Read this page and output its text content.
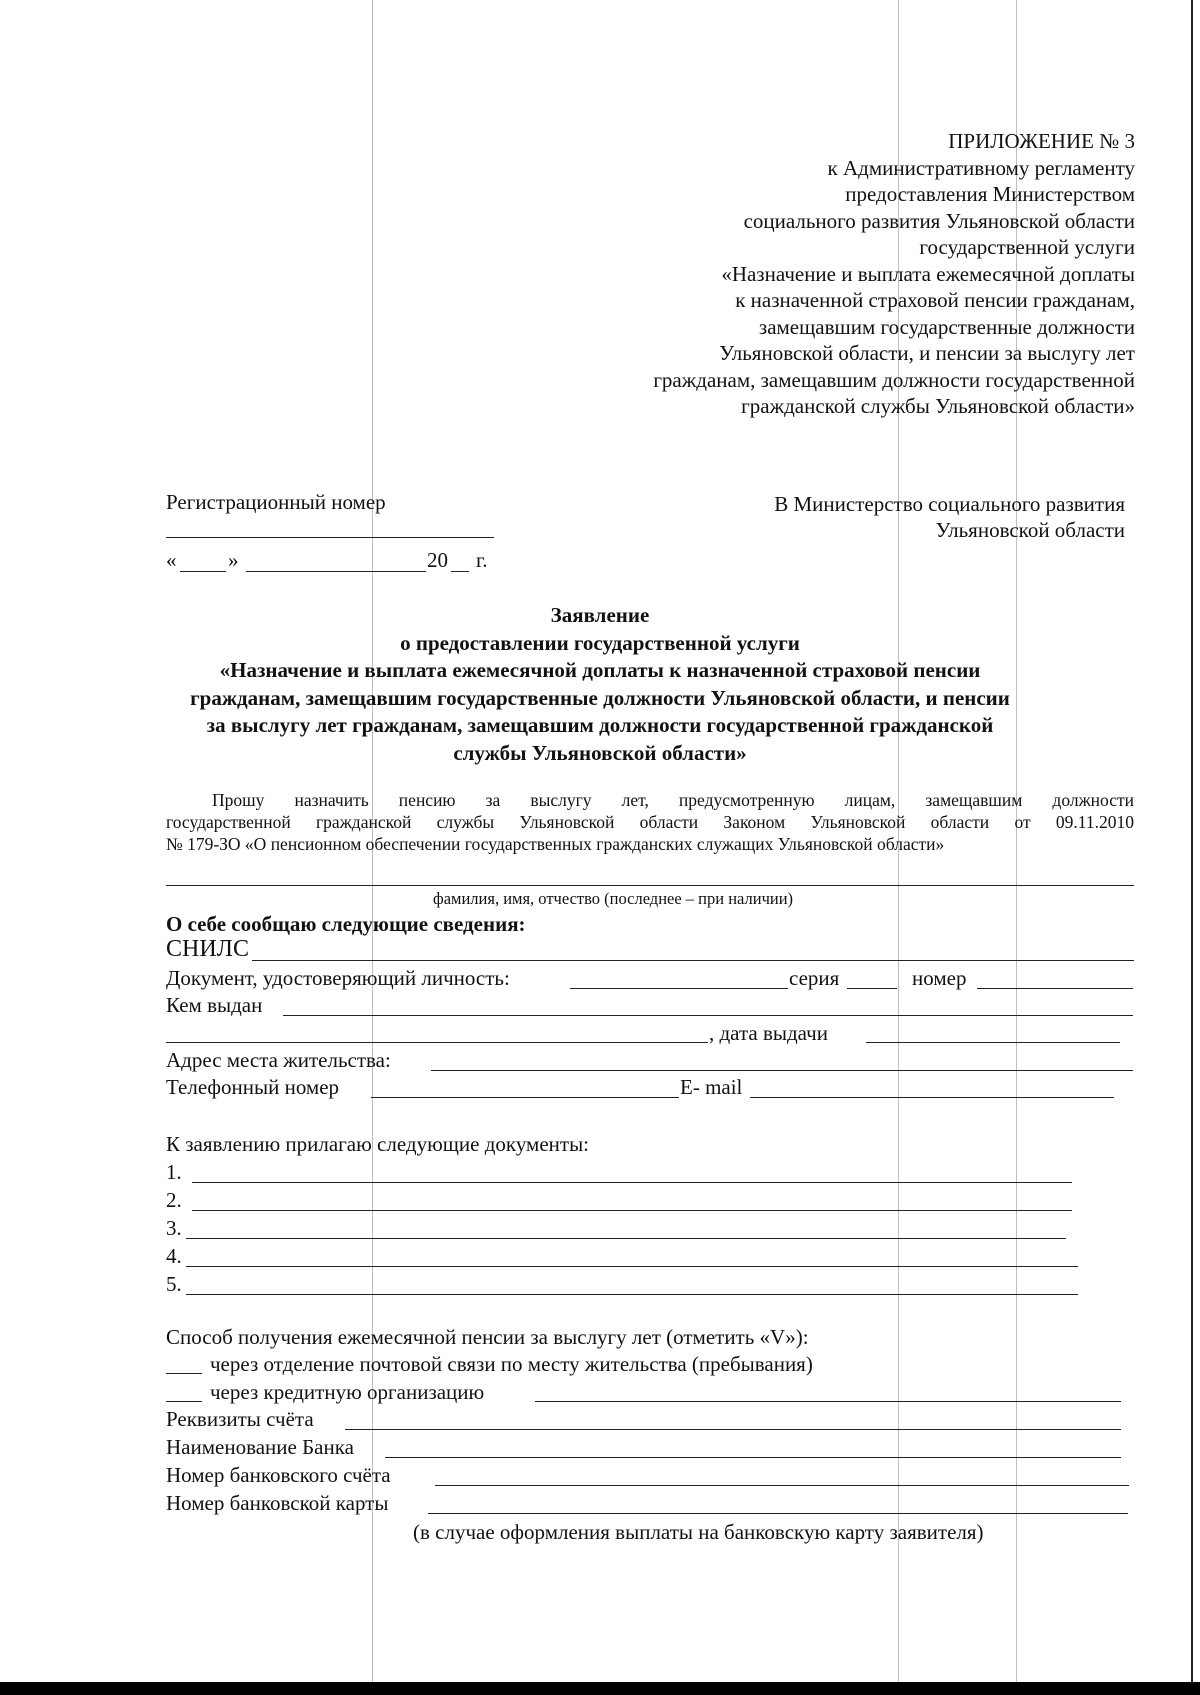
ПРИЛОЖЕНИЕ № 3
к Административному регламенту
предоставления Министерством
социального развития Ульяновской области
государственной услуги
«Назначение и выплата ежемесячной доплаты
к назначенной страховой пенсии гражданам,
замещавшим государственные должности
Ульяновской области, и пенсии за выслугу лет
гражданам, замещавшим должности государственной
гражданской службы Ульяновской области»
Регистрационный номер
« »	20 г.
В Министерство социального развития
Ульяновской области
Заявление
о предоставлении государственной услуги
«Назначение и выплата ежемесячной доплаты к назначенной страховой пенсии
гражданам, замещавшим государственные должности Ульяновской области, и пенсии
за выслугу лет гражданам, замещавшим должности государственной гражданской
службы Ульяновской области»
Прошу назначить пенсию за выслугу лет, предусмотренную лицам, замещавшим должности
государственной гражданской службы Ульяновской области Законом Ульяновской области от 09.11.2010
№ 179-ЗО «О пенсионном обеспечении государственных гражданских служащих Ульяновской области»
фамилия, имя, отчество (последнее – при наличии)
О себе сообщаю следующие сведения:
СНИЛС
Документ, удостоверяющий личность:	серия	номер
Кем выдан
, дата выдачи
Адрес места жительства:
Телефонный номер	E- mail
К заявлению прилагаю следующие документы:
1.
2.
3.
4.
5.
Способ получения ежемесячной пенсии за выслугу лет (отметить «V»):
через отделение почтовой связи по месту жительства (пребывания)
через кредитную организацию
Реквизиты счёта
Наименование Банка
Номер банковского счёта
Номер банковской карты
(в случае оформления выплаты на банковскую карту заявителя)
